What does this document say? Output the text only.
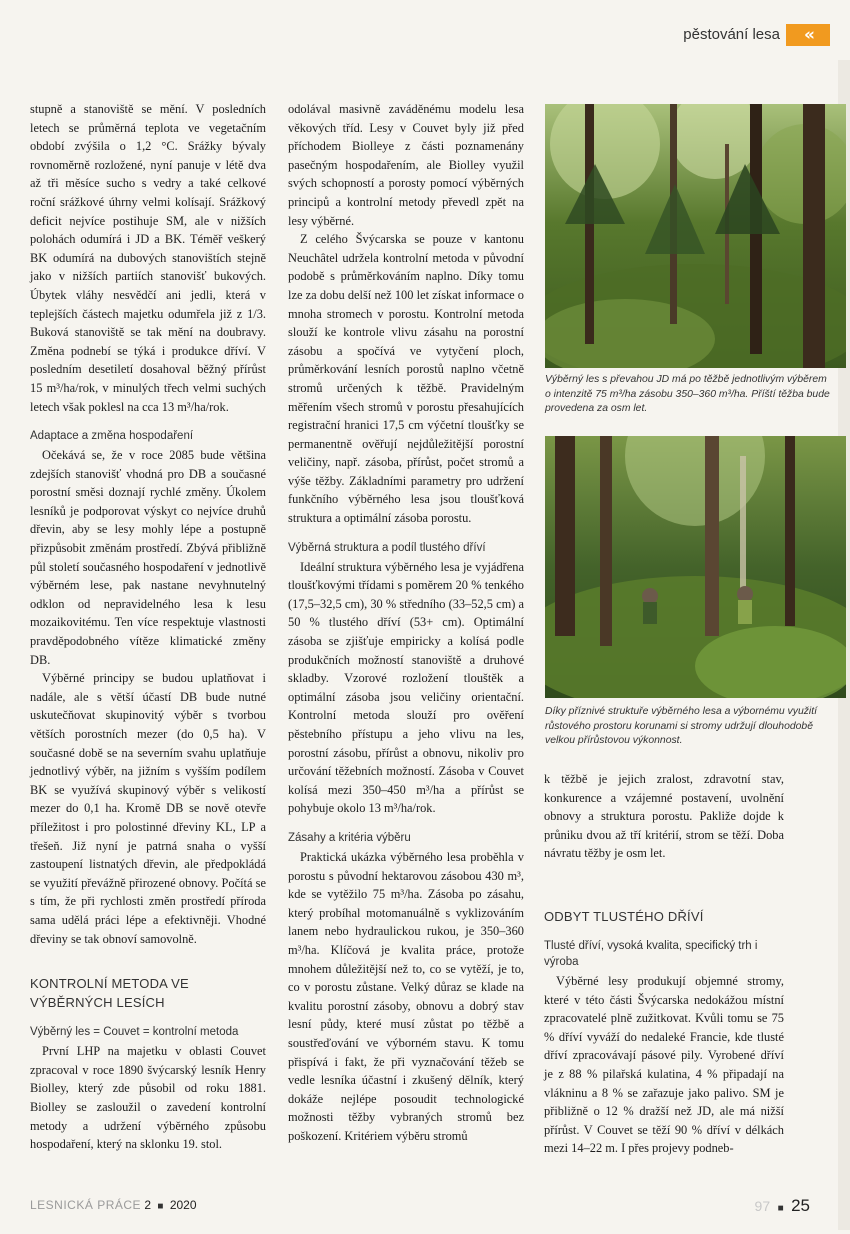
pěstování lesa	«

stupně a stanoviště se mění. V posledních letech se průměrná teplota ve vegetačním období zvýšila o 1,2 °C. Srážky bývaly rovnoměrně rozložené, nyní panuje v létě dva až tři měsíce sucho s vedry a také celkové roční srážkové úhrny velmi kolísají. Srážkový deficit nejvíce postihuje SM, ale v nižších polohách odumírá i JD a BK. Téměř veškerý BK odumírá na dubových stanovištích stejně jako v nižších partiích stanovišť bukových. Úbytek vláhy nesvědčí ani jedli, která v teplejších částech majetku odumřela již z 1/3. Buková stanoviště se tak mění na doubravy. Změna podnebí se týká i produkce dříví. V posledním desetiletí dosahoval běžný přírůst 15 m³/ha/rok, v minulých třech velmi suchých letech však poklesl na cca 13 m³/ha/rok.

Adaptace a změna hospodaření

Očekává se, že v roce 2085 bude většina zdejších stanovišť vhodná pro DB a současné porostní směsi doznají rychlé změny. Úkolem lesníků je podporovat výskyt co nejvíce druhů dřevin, aby se lesy mohly lépe a postupně přizpůsobit změnám prostředí. Zbývá přibližně půl století současného hospodaření v jednotlivě výběrném lese, pak nastane nevyhnutelný odklon od nepravidelného lesa k lesu mozaikovitému. Ten více respektuje vlastnosti pravděpodobného vítěze klimatické změny DB.

Výběrné principy se budou uplatňovat i nadále, ale s větší účastí DB bude nutné uskutečňovat skupinovitý výběr s tvorbou větších porostních mezer (do 0,5 ha). V současné době se na severním svahu uplatňuje jednotlivý výběr, na jižním s vyšším podílem BK se využívá skupinový výběr s velikostí mezer do 0,1 ha. Kromě DB se nově otevře příležitost i pro polostinné dřeviny KL, LP a třešeň. Již nyní je patrná snaha o vyšší zastoupení listnatých dřevin, ale předpokládá se využití převážně přirozené obnovy. Počítá se s tím, že při rychlosti změn prostředí příroda sama udělá práci lépe a efektivněji. Vhodné dřeviny se tak obnoví samovolně.

KONTROLNÍ METODA VE VÝBĚRNÝCH LESÍCH
Výběrný les = Couvet = kontrolní metoda

První LHP na majetku v oblasti Couvet zpracoval v roce 1890 švýcarský lesník Henry Biolley, který zde působil od roku 1881. Biolley se zasloužil o zavedení kontrolní metody a udržení výběrného způsobu hospodaření, který na sklonku 19. stol.

odolával masivně zaváděnému modelu lesa věkových tříd. Lesy v Couvet byly již před příchodem Biolleye z části poznamenány pasečným hospodařením, ale Biolley využil svých schopností a porosty pomocí výběrných principů a kontrolní metody převedl zpět na lesy výběrné.

Z celého Švýcarska se pouze v kantonu Neuchâtel udržela kontrolní metoda v původní podobě s průměrkováním naplno. Díky tomu lze za dobu delší než 100 let získat informace o mnoha stromech v porostu. Kontrolní metoda slouží ke kontrole vlivu zásahu na porostní zásobu a spočívá ve vytyčení ploch, průměrkování lesních porostů naplno včetně stromů určených k těžbě. Pravidelným měřením všech stromů v porostu přesahujících registrační hranici 17,5 cm výčetní tloušťky se permanentně ověřují nejdůležitější porostní veličiny, např. zásoba, přírůst, počet stromů a výše těžby. Základními parametry pro udržení funkčního výběrného lesa jsou tloušťková struktura a optimální zásoba porostu.

Výběrná struktura a podíl tlustého dříví

Ideální struktura výběrného lesa je vyjádřena tloušťkovými třídami s poměrem 20 % tenkého (17,5–32,5 cm), 30 % středního (33–52,5 cm) a 50 % tlustého dříví (53+ cm). Optimální zásoba se zjišťuje empiricky a kolísá podle produkčních možností stanoviště a druhové skladby. Vzorové rozložení tlouštěk a optimální zásoba jsou veličiny orientační. Kontrolní metoda slouží pro ověření pěstebního přístupu a jeho vlivu na les, porostní zásobu, přírůst a obnovu, nikoliv pro určování těžebních možností. Zásoba v Couvet kolísá mezi 350–450 m³/ha a přírůst se pohybuje okolo 13 m³/ha/rok.

Zásahy a kritéria výběru

Praktická ukázka výběrného lesa proběhla v porostu s původní hektarovou zásobou 430 m³, kde se vytěžilo 75 m³/ha. Zásoba po zásahu, který probíhal motomanuálně s vyklizováním lanem nebo hydraulickou rukou, je 350–360 m³/ha. Klíčová je kvalita práce, protože mnohem důležitější než to, co se vytěží, je to, co v porostu zůstane. Velký důraz se klade na kvalitu porostní zásoby, obnovu a dobrý stav lesní půdy, které musí zůstat po těžbě a soustřeďování ve výborném stavu. K tomu přispívá i fakt, že při vyznačování těžeb se vedle lesníka účastní i zkušený dělník, který dokáže nejlépe posoudit technologické možnosti těžby vybraných stromů bez poškození. Kritériem výběru stromů

Výběrný les s převahou JD má po těžbě jednotlivým výběrem o intenzitě 75 m³/ha zásobu 350–360 m³/ha. Příští těžba bude provedena za osm let.
Díky příznivé struktuře výběrného lesa a výbornému využití růstového prostoru korunami si stromy udržují dlouhodobě velkou přírůstovou výkonnost.

k těžbě je jejich zralost, zdravotní stav, konkurence a vzájemné postavení, uvolnění obnovy a struktura porostu. Pakliže dojde k průniku dvou až tří kritérií, strom se těží. Doba návratu těžby je osm let.

ODBYT TLUSTÉHO DŘÍVÍ
Tlusté dříví, vysoká kvalita, specifický trh i výroba

Výběrné lesy produkují objemné stromy, které v této části Švýcarska nedokážou místní zpracovatelé plně zužitkovat. Kvůli tomu se 75 % dříví vyváží do nedaleké Francie, kde tlusté dříví zpracovávají pásové pily. Vyrobené dříví je z 88 % pilařská kulatina, 4 % připadají na vlákninu a 8 % se zařazuje jako palivo. SM je přibližně o 12 % dražší než JD, ale má nižší přírůst. V Couvet se těží 90 % dříví v délkách mezi 14–22 m. I přes projevy podneb-

LESNICKÁ PRÁCE 2 ■ 2020	97 ■ 25
